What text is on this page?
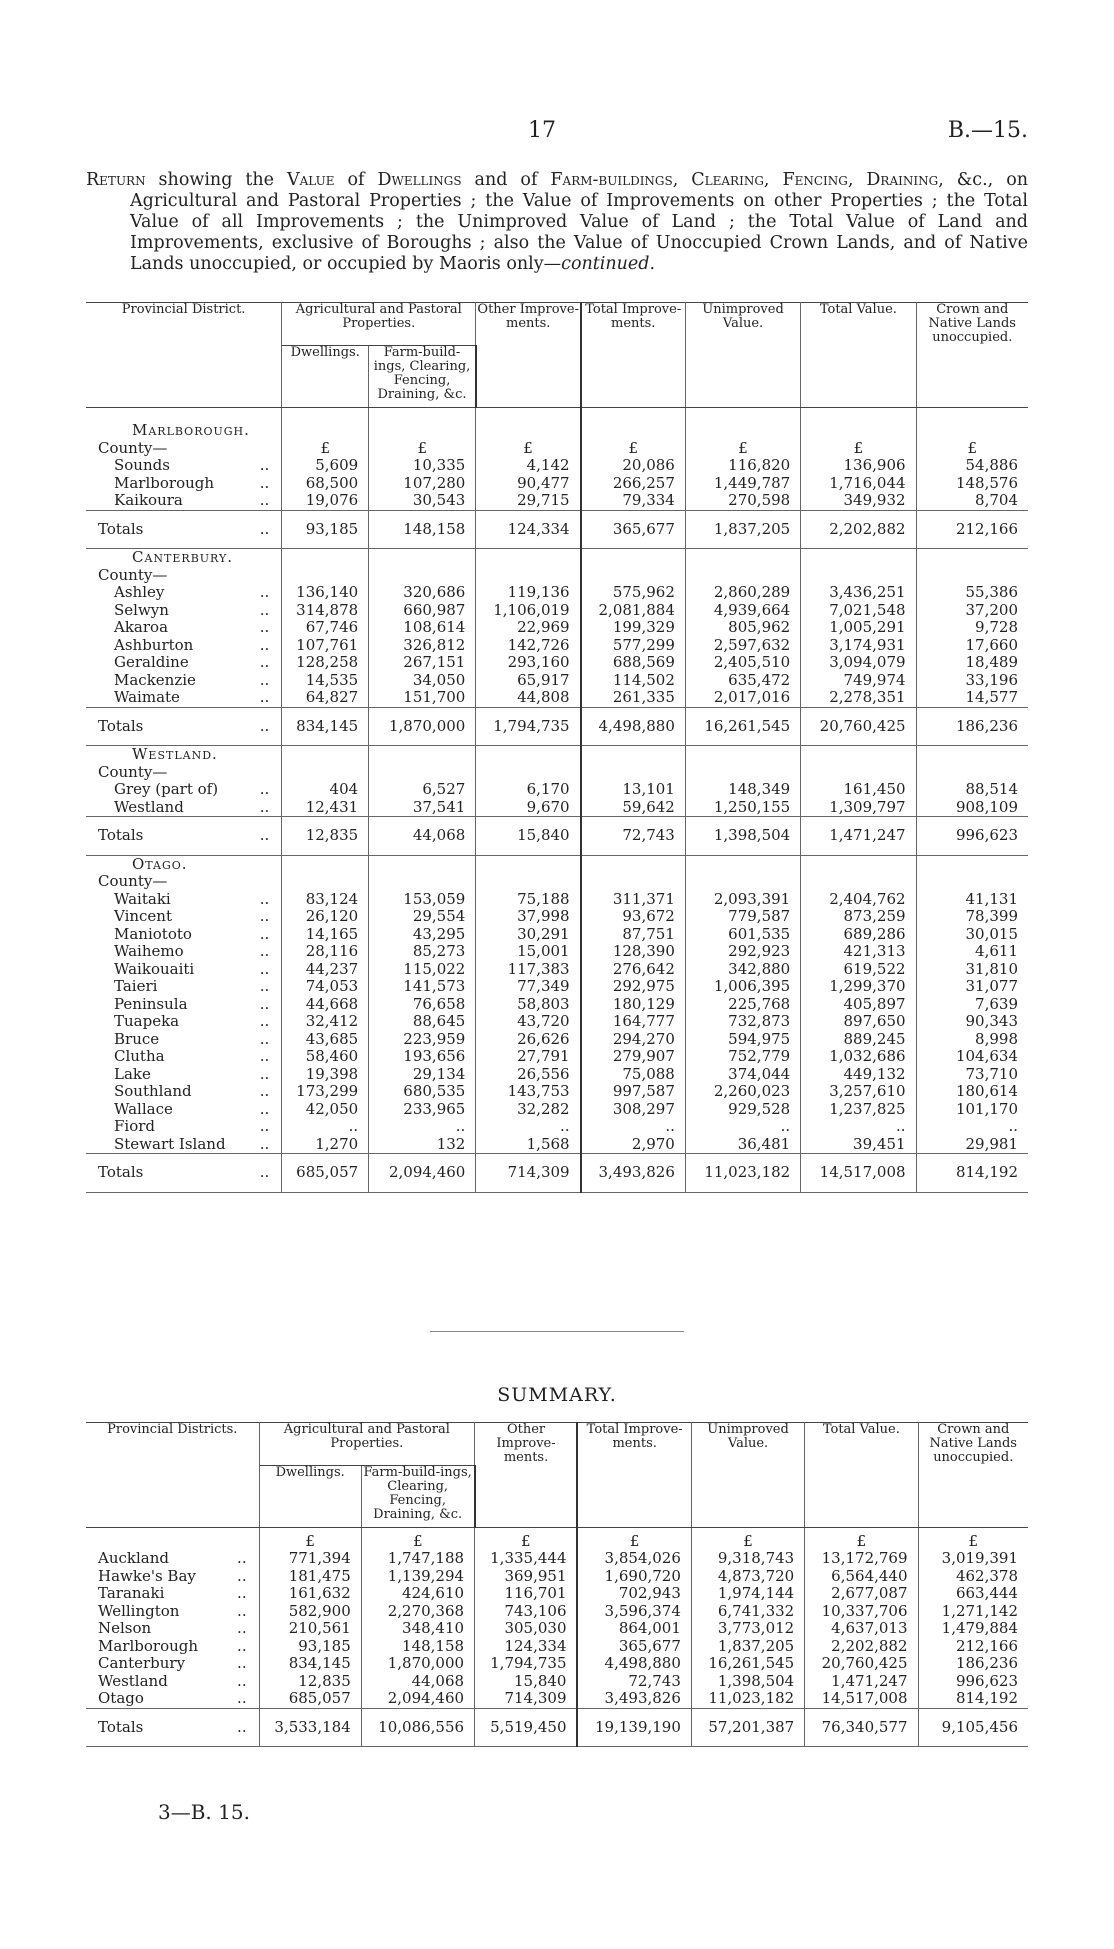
17	B.—15.
Return showing the Value of Dwellings and of Farm-buildings, Clearing, Fencing, Draining, &c., on Agricultural and Pastoral Properties ; the Value of Improvements on other Properties ; the Total Value of all Improvements ; the Unimproved Value of Land ; the Total Value of Land and Improvements, exclusive of Boroughs ; also the Value of Unoccupied Crown Lands, and of Native Lands unoccupied, or occupied by Maoris only—continued.
Provincial District.	Agricultural and Pastoral Properties.		Other Improve-ments.	Total Improve-ments.	Unimproved Value.	Total Value.	Crown and Native Lands unoccupied.
	Dwellings.	Farm-build-ings, Clearing, Fencing, Draining, &c.					

Marlborough.							
County—	£	£	£	£	£	£	£
Sounds ..	5,609	10,335	4,142	20,086	116,820	136,906	54,886
Marlborough ..	68,500	107,280	90,477	266,257	1,449,787	1,716,044	148,576
Kaikoura ..	19,076	30,543	29,715	79,334	270,598	349,932	8,704
Totals ..	93,185	148,158	124,334	365,677	1,837,205	2,202,882	212,166
Canterbury.							
County—							
Ashley ..	136,140	320,686	119,136	575,962	2,860,289	3,436,251	55,386
Selwyn ..	314,878	660,987	1,106,019	2,081,884	4,939,664	7,021,548	37,200
Akaroa ..	67,746	108,614	22,969	199,329	805,962	1,005,291	9,728
Ashburton ..	107,761	326,812	142,726	577,299	2,597,632	3,174,931	17,660
Geraldine ..	128,258	267,151	293,160	688,569	2,405,510	3,094,079	18,489
Mackenzie ..	14,535	34,050	65,917	114,502	635,472	749,974	33,196
Waimate ..	64,827	151,700	44,808	261,335	2,017,016	2,278,351	14,577
Totals ..	834,145	1,870,000	1,794,735	4,498,880	16,261,545	20,760,425	186,236
Westland.							
County—							
Grey (part of) ..	404	6,527	6,170	13,101	148,349	161,450	88,514
Westland ..	12,431	37,541	9,670	59,642	1,250,155	1,309,797	908,109
Totals ..	12,835	44,068	15,840	72,743	1,398,504	1,471,247	996,623
Otago.							
County—							
Waitaki ..	83,124	153,059	75,188	311,371	2,093,391	2,404,762	41,131
Vincent ..	26,120	29,554	37,998	93,672	779,587	873,259	78,399
Maniototo ..	14,165	43,295	30,291	87,751	601,535	689,286	30,015
Waihemo ..	28,116	85,273	15,001	128,390	292,923	421,313	4,611
Waikouaiti ..	44,237	115,022	117,383	276,642	342,880	619,522	31,810
Taieri ..	74,053	141,573	77,349	292,975	1,006,395	1,299,370	31,077
Peninsula ..	44,668	76,658	58,803	180,129	225,768	405,897	7,639
Tuapeka ..	32,412	88,645	43,720	164,777	732,873	897,650	90,343
Bruce ..	43,685	223,959	26,626	294,270	594,975	889,245	8,998
Clutha ..	58,460	193,656	27,791	279,907	752,779	1,032,686	104,634
Lake ..	19,398	29,134	26,556	75,088	374,044	449,132	73,710
Southland ..	173,299	680,535	143,753	997,587	2,260,023	3,257,610	180,614
Wallace ..	42,050	233,965	32,282	308,297	929,528	1,237,825	101,170
Fiord ..	..	..	..	..	..	..	..
Stewart Island ..	1,270	132	1,568	2,970	36,481	39,451	29,981
Totals ..	685,057	2,094,460	714,309	3,493,826	11,023,182	14,517,008	814,192
SUMMARY.
Provincial Districts.	Agricultural and Pastoral Properties.		Other Improve-ments.	Total Improve-ments.	Unimproved Value.	Total Value.	Crown and Native Lands unoccupied.
	Dwellings.	Farm-build-ings, Clearing, Fencing, Draining, &c.					
	£	£	£	£	£	£	£
Auckland ..	771,394	1,747,188	1,335,444	3,854,026	9,318,743	13,172,769	3,019,391
Hawke's Bay ..	181,475	1,139,294	369,951	1,690,720	4,873,720	6,564,440	462,378
Taranaki ..	161,632	424,610	116,701	702,943	1,974,144	2,677,087	663,444
Wellington ..	582,900	2,270,368	743,106	3,596,374	6,741,332	10,337,706	1,271,142
Nelson ..	210,561	348,410	305,030	864,001	3,773,012	4,637,013	1,479,884
Marlborough ..	93,185	148,158	124,334	365,677	1,837,205	2,202,882	212,166
Canterbury ..	834,145	1,870,000	1,794,735	4,498,880	16,261,545	20,760,425	186,236
Westland ..	12,835	44,068	15,840	72,743	1,398,504	1,471,247	996,623
Otago ..	685,057	2,094,460	714,309	3,493,826	11,023,182	14,517,008	814,192
Totals ..	3,533,184	10,086,556	5,519,450	19,139,190	57,201,387	76,340,577	9,105,456
3—B. 15.
